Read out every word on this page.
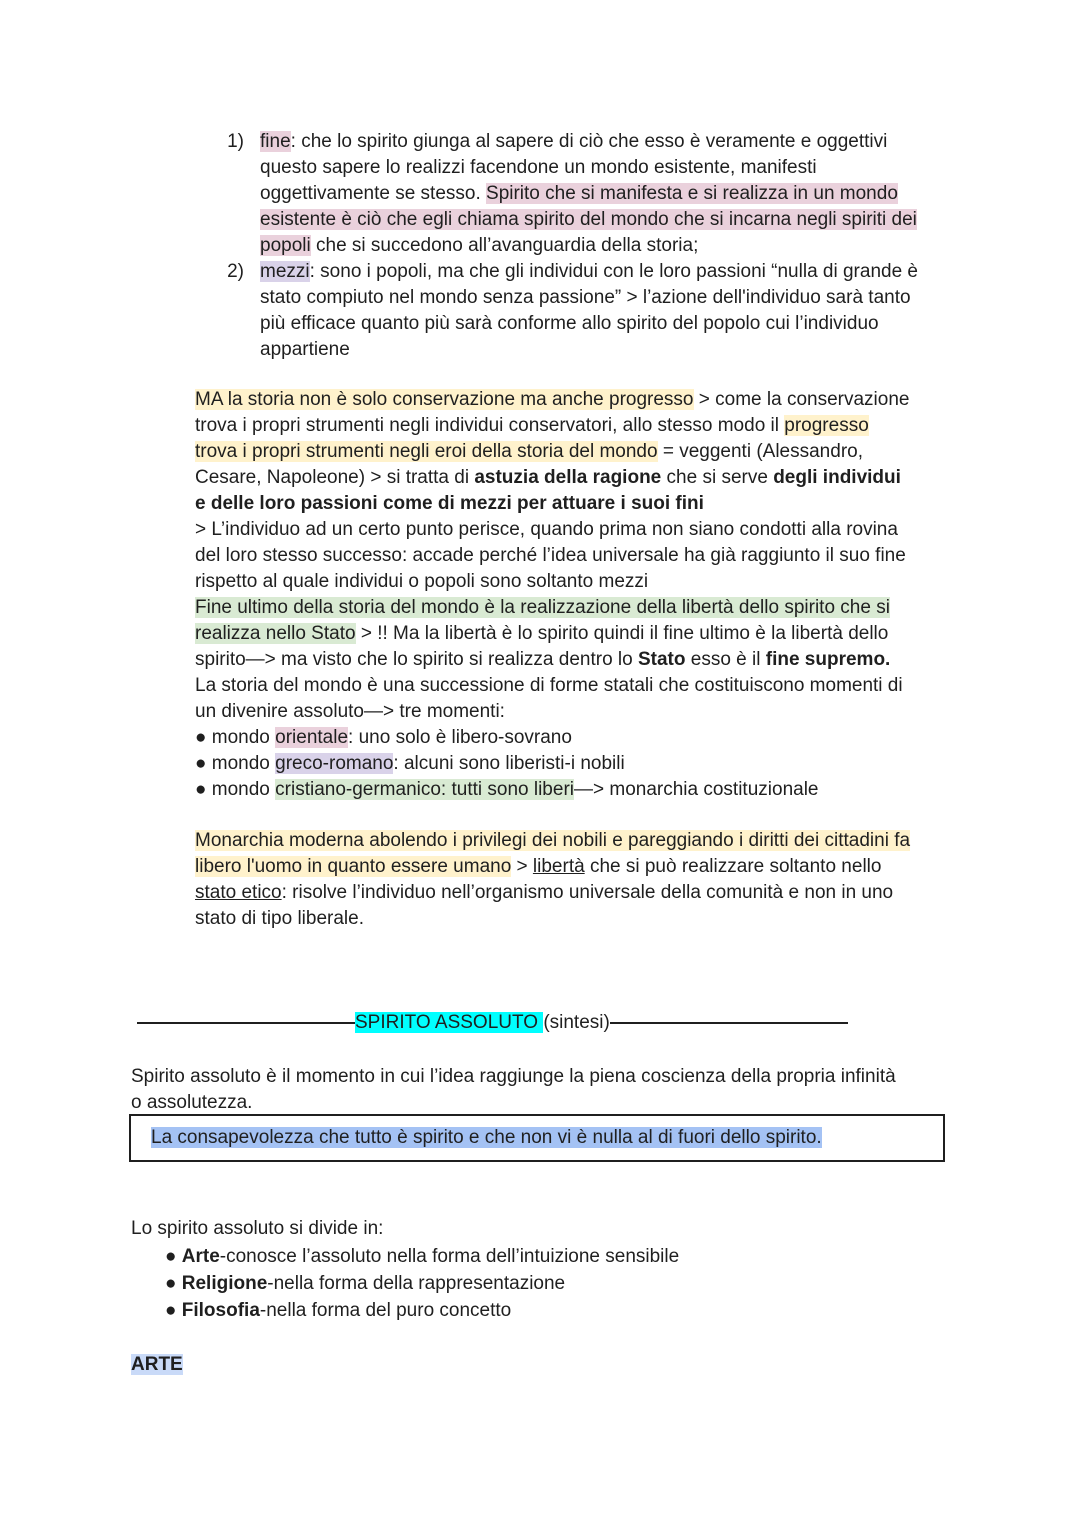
1) fine: che lo spirito giunga al sapere di ciò che esso è veramente e oggettivi
questo sapere lo realizzi facendone un mondo esistente, manifesti
oggettivamente se stesso. Spirito che si manifesta e si realizza in un mondo
esistente è ciò che egli chiama spirito del mondo che si incarna negli spiriti dei
popoli che si succedono all’avanguardia della storia;
2) mezzi: sono i popoli, ma che gli individui con le loro passioni “nulla di grande è
stato compiuto nel mondo senza passione” > l’azione dell'individuo sarà tanto
più efficace quanto più sarà conforme allo spirito del popolo cui l’individuo
appartiene
MA la storia non è solo conservazione ma anche progresso > come la conservazione
trova i propri strumenti negli individui conservatori, allo stesso modo il progresso
trova i propri strumenti negli eroi della storia del mondo = veggenti (Alessandro,
Cesare, Napoleone) > si tratta di astuzia della ragione che si serve degli individui
e delle loro passioni come di mezzi per attuare i suoi fini
> L’individuo ad un certo punto perisce, quando prima non siano condotti alla rovina
del loro stesso successo: accade perché l’idea universale ha già raggiunto il suo fine
rispetto al quale individui o popoli sono soltanto mezzi
Fine ultimo della storia del mondo è la realizzazione della libertà dello spirito che si
realizza nello Stato > !! Ma la libertà è lo spirito quindi il fine ultimo è la libertà dello
spirito—> ma visto che lo spirito si realizza dentro lo Stato esso è il fine supremo.
La storia del mondo è una successione di forme statali che costituiscono momenti di
un divenire assoluto—> tre momenti:
● mondo orientale: uno solo è libero-sovrano
● mondo greco-romano: alcuni sono liberisti-i nobili
● mondo cristiano-germanico: tutti sono liberi—> monarchia costituzionale
Monarchia moderna abolendo i privilegi dei nobili e pareggiando i diritti dei cittadini fa
libero l'uomo in quanto essere umano > libertà che si può realizzare soltanto nello
stato etico: risolve l’individuo nell’organismo universale della comunità e non in uno
stato di tipo liberale.
SPIRITO ASSOLUTO (sintesi)
Spirito assoluto è il momento in cui l’idea raggiunge la piena coscienza della propria infinità
o assolutezza.
La consapevolezza che tutto è spirito e che non vi è nulla al di fuori dello spirito.
Lo spirito assoluto si divide in:
● Arte-conosce l’assoluto nella forma dell’intuizione sensibile
● Religione-nella forma della rappresentazione
● Filosofia-nella forma del puro concetto
ARTE
